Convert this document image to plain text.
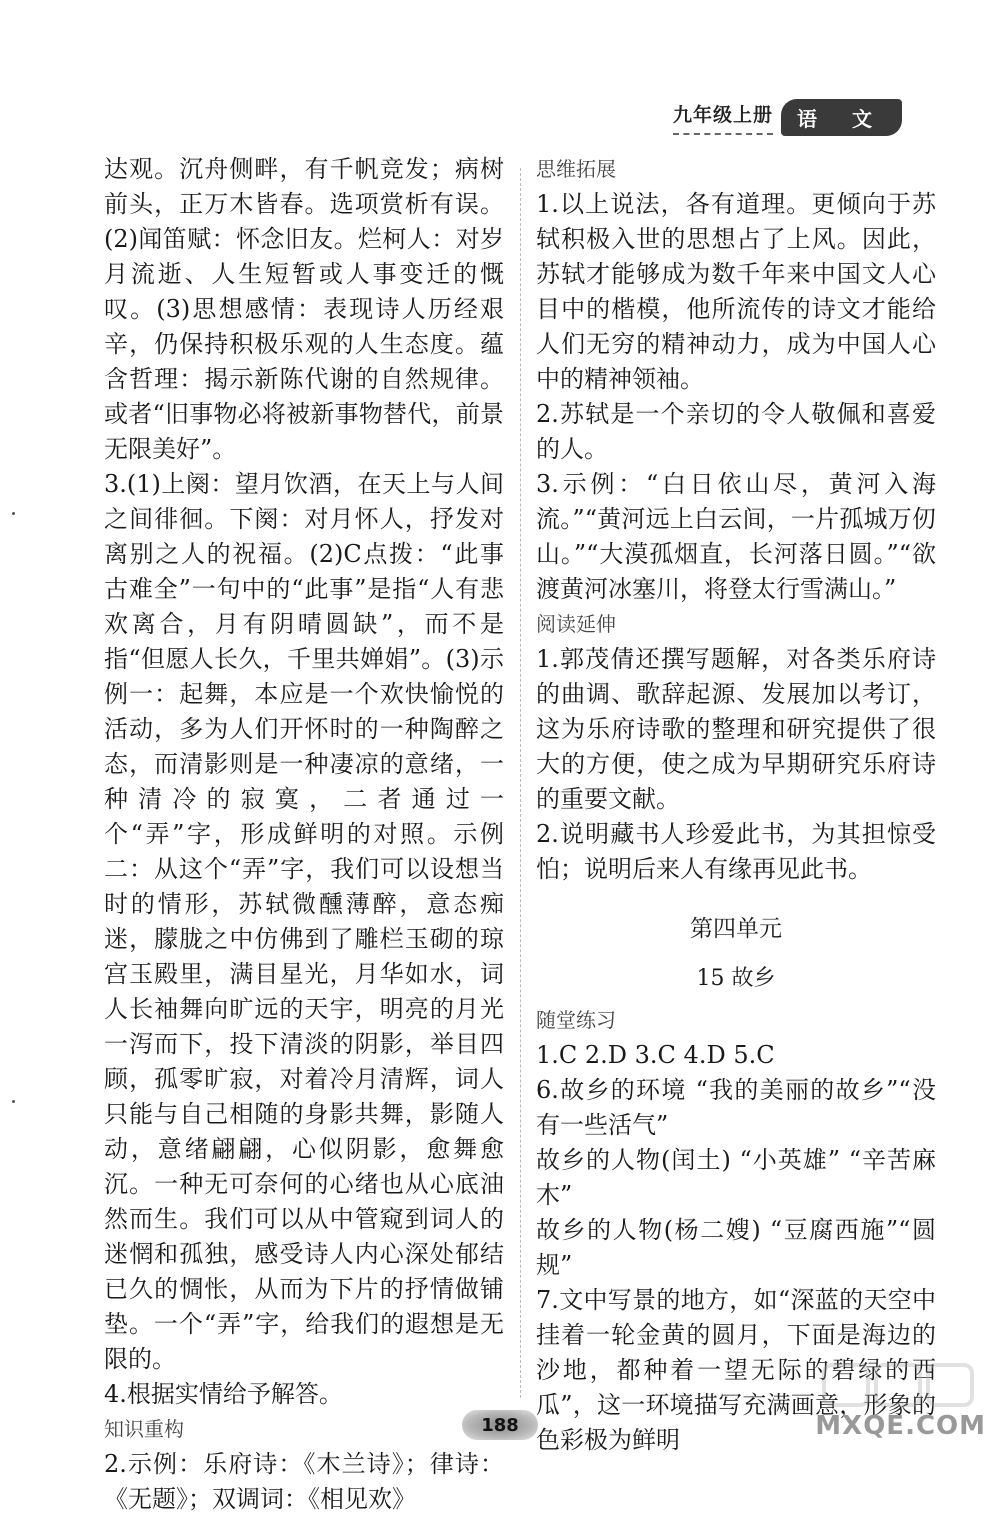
九年级上册	语 文

达观。沉舟侧畔，有千帆竞发；病树前头，正万木皆春。选项赏析有误。(2)闻笛赋：怀念旧友。烂柯人：对岁月流逝、人生短暂或人事变迁的慨叹。(3)思想感情：表现诗人历经艰辛，仍保持积极乐观的人生态度。蕴含哲理：揭示新陈代谢的自然规律。或者“旧事物必将被新事物替代，前景无限美好”。

3.(1)上阕：望月饮酒，在天上与人间之间徘徊。下阕：对月怀人，抒发对离别之人的祝福。(2)C点拨：“此事古难全”一句中的“此事”是指“人有悲欢离合，月有阴晴圆缺”，而不是指“但愿人长久，千里共婵娟”。(3)示例一：起舞，本应是一个欢快愉悦的活动，多为人们开怀时的一种陶醉之态，而清影则是一种凄凉的意绪，一种清冷的寂寞，二者通过一个“弄”字，形成鲜明的对照。示例二：从这个“弄”字，我们可以设想当时的情形，苏轼微醺薄醉，意态痴迷，朦胧之中仿佛到了雕栏玉砌的琼宫玉殿里，满目星光，月华如水，词人长袖舞向旷远的天宇，明亮的月光一泻而下，投下清淡的阴影，举目四顾，孤零旷寂，对着冷月清辉，词人只能与自己相随的身影共舞，影随人动，意绪翩翩，心似阴影，愈舞愈沉。一种无可奈何的心绪也从心底油然而生。我们可以从中管窥到词人的迷惘和孤独，感受诗人内心深处郁结已久的惆怅，从而为下片的抒情做铺垫。一个“弄”字，给我们的遐想是无限的。

4.根据实情给予解答。

知识重构

2.示例：乐府诗：《木兰诗》；律诗：《无题》；双调词：《相见欢》

思维拓展

1.以上说法，各有道理。更倾向于苏轼积极入世的思想占了上风。因此，苏轼才能够成为数千年来中国文人心目中的楷模，他所流传的诗文才能给人们无穷的精神动力，成为中国人心中的精神领袖。

2.苏轼是一个亲切的令人敬佩和喜爱的人。

3.示例：“白日依山尽，黄河入海流。”“黄河远上白云间，一片孤城万仞山。”“大漠孤烟直，长河落日圆。”“欲渡黄河冰塞川，将登太行雪满山。”

阅读延伸

1.郭茂倩还撰写题解，对各类乐府诗的曲调、歌辞起源、发展加以考订，这为乐府诗歌的整理和研究提供了很大的方便，使之成为早期研究乐府诗的重要文献。

2.说明藏书人珍爱此书，为其担惊受怕；说明后来人有缘再见此书。

第四单元
15 故乡
随堂练习

1.C 2.D 3.C 4.D 5.C

6.故乡的环境 “我的美丽的故乡”“没有一些活气”

故乡的人物(闰土) “小英雄” “辛苦麻木”

故乡的人物(杨二嫂) “豆腐西施”“圆规”

7.文中写景的地方，如“深蓝的天空中挂着一轮金黄的圆月，下面是海边的沙地，都种着一望无际的碧绿的西瓜”，这一环境描写充满画意，形象的色彩极为鲜明

188	MXQE.COM
